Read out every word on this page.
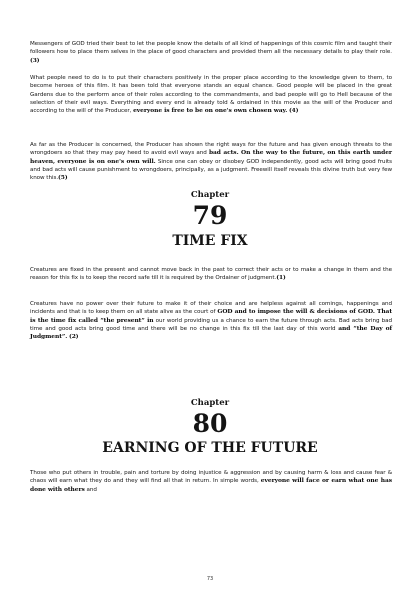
Messengers of GOD tried their best to let the people know the details of all kind of happenings of this cosmic film and taught their followers how to place them selves in the place of good characters and provided them all the necessary details to play their role. (3)

What people need to do is to put their characters positively in the proper place according to the knowledge given to them, to become heroes of this film. It has been told that everyone stands an equal chance. Good people will be placed in the great Gardens due to the perform ance of their roles according to the commandments, and bad people will go to Hell because of the selection of their evil ways. Everything and every end is already told & ordained in this movie as the will of the Producer and according to the will of the Producer, everyone is free to be on one's own chosen way. (4)

As far as the Producer is concerned, the Producer has shown the right ways for the future and has given enough threats to the wrongdoers so that they may pay heed to avoid evil ways and bad acts. On the way to the future, on this earth under heaven, everyone is on one's own will. Since one can obey or disobey GOD independently, good acts will bring good fruits and bad acts will cause punishment to wrongdoers, principally, as a judgment. Freewill itself reveals this divine truth but very few know this.(5)

Chapter
79
TIME FIX

Creatures are fixed in the present and cannot move back in the past to correct their acts or to make a change in them and the reason for this fix is to keep the record safe till it is required by the Ordainer of judgment.(1)

Creatures have no power over their future to make it of their choice and are helpless against all comings, happenings and incidents and that is to keep them on all state alive as the court of GOD and to impose the will & decisions of GOD. That is the time fix called “the present” in our world providing us a chance to earn the future through acts. Bad acts bring bad time and good acts bring good time and there will be no change in this fix till the last day of this world and “the Day of Judgment”. (2)

Chapter
80
EARNING OF THE FUTURE

Those who put others in trouble, pain and torture by doing injustice & aggression and by causing harm & loss and cause fear & chaos will earn what they do and they will find all that in return. In simple words, everyone will face or earn what one has done with others and

73
